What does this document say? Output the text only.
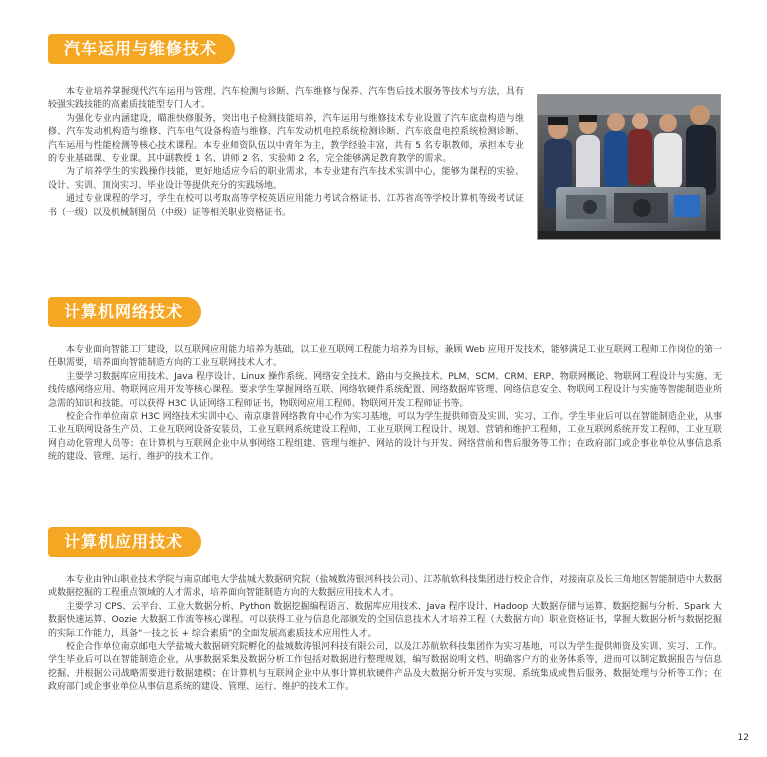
汽车运用与维修技术

本专业培养掌握现代汽车运用与管理、汽车检测与诊断、汽车维修与保养、汽车售后技术服务等技术与方法，具有较强实践技能的高素质技能型专门人才。

为强化专业内涵建设，瞄准快修服务，突出电子检测技能培养，汽车运用与维修技术专业设置了汽车底盘构造与维修、汽车发动机构造与维修、汽车电气设备构造与维修、汽车发动机电控系统检测诊断、汽车底盘电控系统检测诊断、汽车运用与性能检测等核心技术课程。本专业师资队伍以中青年为主，教学经验丰富，共有 5 名专职教师，承担本专业的专业基础课、专业课。其中副教授 1 名、讲师 2 名、实验师 2 名，完全能够满足教育教学的需求。

为了培养学生的实践操作技能，更好地适应今后的职业需求，本专业建有汽车技术实训中心，能够为课程的实验、设计、实训、顶岗实习、毕业设计等提供充分的实践场地。

通过专业课程的学习，学生在校可以考取高等学校英语应用能力考试合格证书、江苏省高等学校计算机等级考试证书（一级）以及机械制图员（中级）证等相关职业资格证书。

计算机网络技术

本专业面向智能工厂建设，以互联网应用能力培养为基础，以工业互联网工程能力培养为目标，兼顾 Web 应用开发技术，能够满足工业互联网工程师工作岗位的第一任职需要，培养面向智能制造方向的工业互联网技术人才。

主要学习数据库应用技术、Java 程序设计、Linux 操作系统、网络安全技术、路由与交换技术、PLM、SCM、CRM、ERP、物联网概论、物联网工程设计与实施、无线传感网络应用、物联网应用开发等核心课程。要求学生掌握网络互联、网络软硬件系统配置、网络数据库管理、网络信息安全、物联网工程设计与实施等智能制造业所急需的知识和技能。可以获得 H3C 认证网络工程师证书，物联网应用工程师、物联网开发工程师证书等。

校企合作单位南京 H3C 网络技术实训中心、南京康普网络教育中心作为实习基地，可以为学生提供师资及实训、实习、工作。学生毕业后可以在智能制造企业，从事工业互联网设备生产员、工业互联网设备安装员，工业互联网系统建设工程师，工业互联网工程设计、规划、营销和维护工程师，工业互联网系统开发工程师，工业互联网自动化管理人员等；在计算机与互联网企业中从事网络工程组建、管理与维护、网站的设计与开发、网络营前和售后服务等工作；在政府部门或企事业单位从事信息系统的建设、管理、运行、维护的技术工作。

计算机应用技术

本专业由钟山职业技术学院与南京邮电大学盐城大数据研究院（盐城数涛银河科技公司）、江苏航软科技集团进行校企合作，对接南京及长三角地区智能制造中大数据或数据挖掘的工程重点领域的人才需求，培养面向智能制造方向的大数据应用技术人才。

主要学习 CPS、云平台、工业大数据分析、Python 数据挖掘编程语言、数据库应用技术、Java 程序设计、Hadoop 大数据存储与运算、数据挖掘与分析、Spark 大数据快速运算、Oozie 大数据工作流等核心课程。可以获得工业与信息化部颁发的全国信息技术人才培养工程（大数据方向）职业资格证书，掌握大数据分析与数据挖掘的实际工作能力，具备“一技之长 + 综合素质”的全面发展高素质技术应用性人才。

校企合作单位南京邮电大学盐城大数据研究院孵化的盐城数涛银河科技有限公司，以及江苏航软科技集团作为实习基地，可以为学生提供师资及实训、实习、工作。学生毕业后可以在智能制造企业，从事数据采集及数据分析工作包括对数据进行整理规划，编写数据说明文档、明确客户方的业务体系等，进而可以制定数据报告与信息挖掘、并根据公司战略需要进行数据建模；在计算机与互联网企业中从事计算机软硬件产品及大数据分析开发与实现、系统集成或售后服务、数据处理与分析等工作；在政府部门或企事业单位从事信息系统的建设、管理、运行、维护的技术工作。

12
